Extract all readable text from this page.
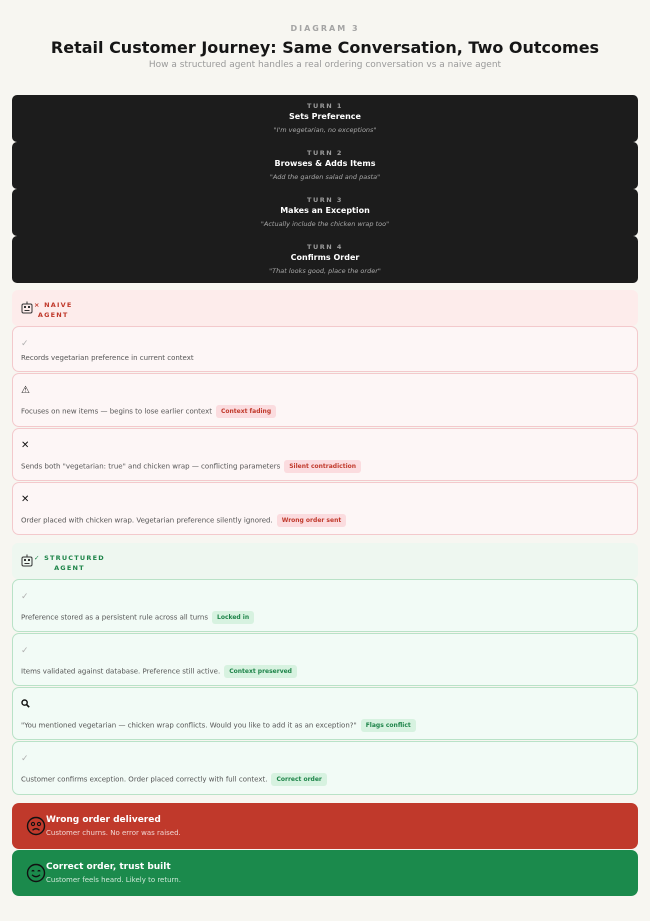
DIAGRAM 3
Retail Customer Journey: Same Conversation, Two Outcomes
How a structured agent handles a real ordering conversation vs a naive agent
TURN 1
Sets Preference
"I'm vegetarian, no exceptions"
TURN 2
Browses & Adds Items
"Add the garden salad and pasta"
TURN 3
Makes an Exception
"Actually include the chicken wrap too"
TURN 4
Confirms Order
"That looks good, place the order"
× NAIVE
AGENT
✓
Records vegetarian preference in current context
⚠
Focuses on new items — begins to lose earlier context Context fading
✕
Sends both "vegetarian: true" and chicken wrap — conflicting parameters Silent contradiction
✕
Order placed with chicken wrap. Vegetarian preference silently ignored. Wrong order sent
✓ STRUCTURED
AGENT
✓
Preference stored as a persistent rule across all turns Locked in
✓
Items validated against database. Preference still active. Context preserved
"You mentioned vegetarian — chicken wrap conflicts. Would you like to add it as an exception?" Flags conflict
✓
Customer confirms exception. Order placed correctly with full context. Correct order
Wrong order delivered
Customer churns. No error was raised.
Correct order, trust built
Customer feels heard. Likely to return.
